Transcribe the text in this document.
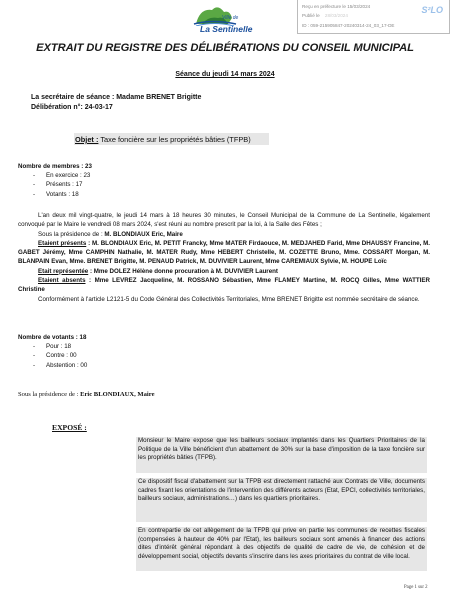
Ville de
La Sentinelle
Reçu en préfecture le 15/03/2024
Publié le 28/03/2024
ID : 059-215905847-20240314-24_03_17-DE
S²LO
EXTRAIT DU REGISTRE DES DÉLIBÉRATIONS DU CONSEIL MUNICIPAL
Séance du jeudi 14 mars 2024
La secrétaire de séance : Madame BRENET Brigitte
Délibération n°: 24-03-17
Objet : Taxe foncière sur les propriétés bâties (TFPB)
Nombre de membres : 23
- En exercice : 23
- Présents : 17
- Votants : 18

L'an deux mil vingt-quatre, le jeudi 14 mars à 18 heures 30 minutes, le Conseil Municipal de la Commune de La Sentinelle, légalement convoqué par le Maire le vendredi 08 mars 2024, s'est réuni au nombre prescrit par la loi, à la Salle des Fêtes ;

Sous la présidence de : M. BLONDIAUX Eric, Maire

Etaient présents : M. BLONDIAUX Eric, M. PETIT Francky, Mme MATER Firdaouce, M. MEDJAHED Farid, Mme DHAUSSY Francine, M. GABET Jérémy, Mme CAMPHIN Nathalie, M. MATER Rudy, Mme HEBERT Christelle, M. COZETTE Bruno, Mme. COSSART Morgan, M. BLANPAIN Evan, Mme. BRENET Brigitte, M. PENAUD Patrick, M. DUVIVIER Laurent, Mme CAREMIAUX Sylvie, M. HOUPE Loïc

Etait représentée : Mme DOLEZ Hélène donne procuration à M. DUVIVIER Laurent

Etaient absents : Mme LEVREZ Jacqueline, M. ROSSANO Sébastien, Mme FLAMEY Martine, M. ROCQ Gilles, Mme WATTIER Christine

Conformément à l'article L2121-5 du Code Général des Collectivités Territoriales, Mme BRENET Brigitte est nommée secrétaire de séance.

Nombre de votants : 18
- Pour : 18
- Contre : 00
- Abstention : 00
Sous la présidence de : Eric BLONDIAUX, Maire
EXPOSÉ :

Monsieur le Maire expose que les bailleurs sociaux implantés dans les Quartiers Prioritaires de la Politique de la Ville bénéficient d'un abattement de 30% sur la base d'imposition de la taxe foncière sur les propriétés bâties (TFPB).

Ce dispositif fiscal d'abattement sur la TFPB est directement rattaché aux Contrats de Ville, documents cadres fixant les orientations de l'intervention des différents acteurs (Etat, EPCI, collectivités territoriales, bailleurs sociaux, administrations…) dans les quartiers prioritaires.

En contrepartie de cet allègement de la TFPB qui prive en partie les communes de recettes fiscales (compensées à hauteur de 40% par l'Etat), les bailleurs sociaux sont amenés à financer des actions dites d'intérêt général répondant à des objectifs de qualité de cadre de vie, de cohésion et de développement social, objectifs devants s'inscrire dans les axes prioritaires du contrat de ville local.

Page 1 sur 2
